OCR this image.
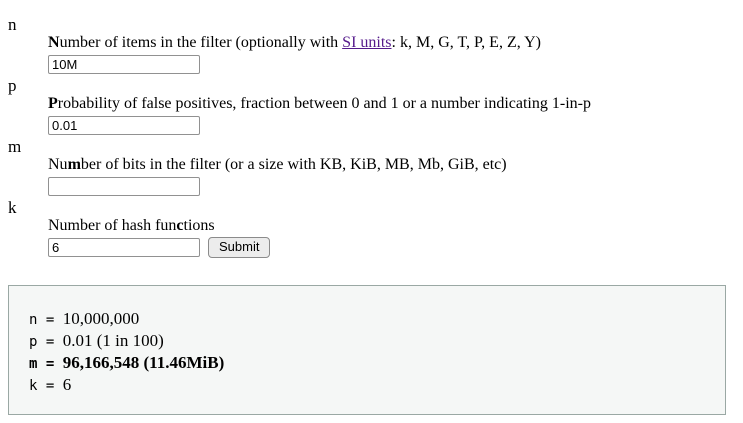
n
Number of items in the filter (optionally with SI units: k, M, G, T, P, E, Z, Y)
10M
p
Probability of false positives, fraction between 0 and 1 or a number indicating 1-in-p
0.01
m
Number of bits in the filter (or a size with KB, KiB, MB, Mb, GiB, etc)
k
Number of hash functions
6
Submit
n = 10,000,000
p = 0.01 (1 in 100)
m = 96,166,548 (11.46MiB)
k = 6
